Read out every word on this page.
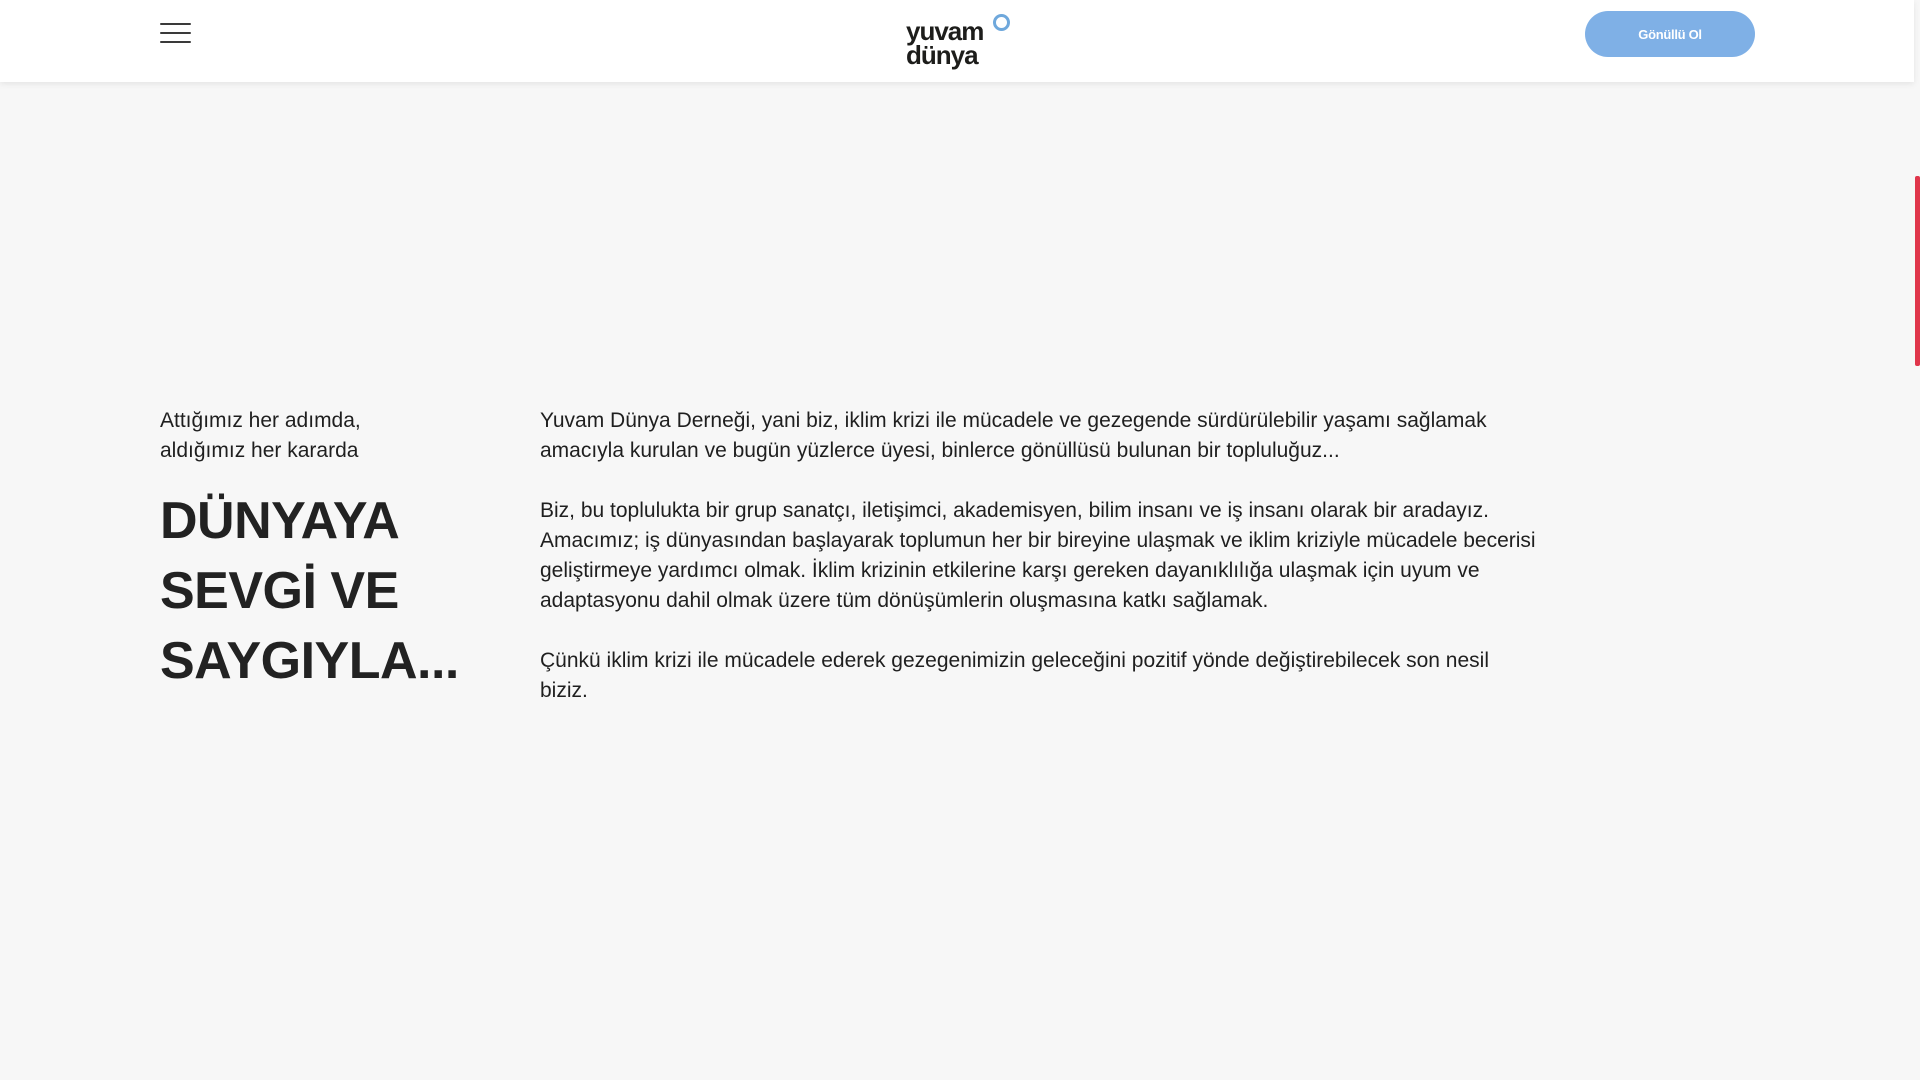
yuvam
dünya
Gönüllü Ol

Attığımız her adımda,
aldığımız her kararda

DÜNYAYA
SEVGİ VE
SAYGIYLA...

Yuvam Dünya Derneği, yani biz, iklim krizi ile mücadele ve gezegende sürdürülebilir yaşamı sağlamak amacıyla kurulan ve bugün yüzlerce üyesi, binlerce gönüllüsü bulunan bir topluluğuz...

Biz, bu toplulukta bir grup sanatçı, iletişimci, akademisyen, bilim insanı ve iş insanı olarak bir aradayız. Amacımız; iş dünyasından başlayarak toplumun her bir bireyine ulaşmak ve iklim kriziyle mücadele becerisi geliştirmeye yardımcı olmak. İklim krizinin etkilerine karşı gereken dayanıklılığa ulaşmak için uyum ve adaptasyonu dahil olmak üzere tüm dönüşümlerin oluşmasına katkı sağlamak.

Çünkü iklim krizi ile mücadele ederek gezegenimizin geleceğini pozitif yönde değiştirebilecek son nesil biziz.
